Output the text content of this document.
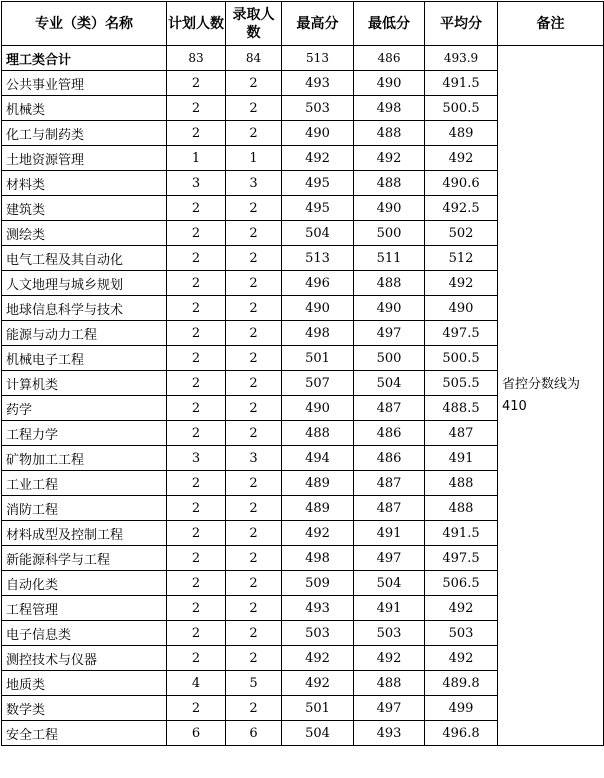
专业（类）名称	计划人数	录取人数	最高分	最低分	平均分	备注
理工类合计	83	84	513	486	493.9	省控分数线为410
公共事业管理	2	2	493	490	491.5	
机械类	2	2	503	498	500.5	
化工与制药类	2	2	490	488	489	
土地资源管理	1	1	492	492	492	
材料类	3	3	495	488	490.6	
建筑类	2	2	495	490	492.5	
测绘类	2	2	504	500	502	
电气工程及其自动化	2	2	513	511	512	
人文地理与城乡规划	2	2	496	488	492	
地球信息科学与技术	2	2	490	490	490	
能源与动力工程	2	2	498	497	497.5	
机械电子工程	2	2	501	500	500.5	
计算机类	2	2	507	504	505.5	
药学	2	2	490	487	488.5	
工程力学	2	2	488	486	487	
矿物加工工程	3	3	494	486	491	
工业工程	2	2	489	487	488	
消防工程	2	2	489	487	488	
材料成型及控制工程	2	2	492	491	491.5	
新能源科学与工程	2	2	498	497	497.5	
自动化类	2	2	509	504	506.5	
工程管理	2	2	493	491	492	
电子信息类	2	2	503	503	503	
测控技术与仪器	2	2	492	492	492	
地质类	4	5	492	488	489.8	
数学类	2	2	501	497	499	
安全工程	6	6	504	493	496.8	
